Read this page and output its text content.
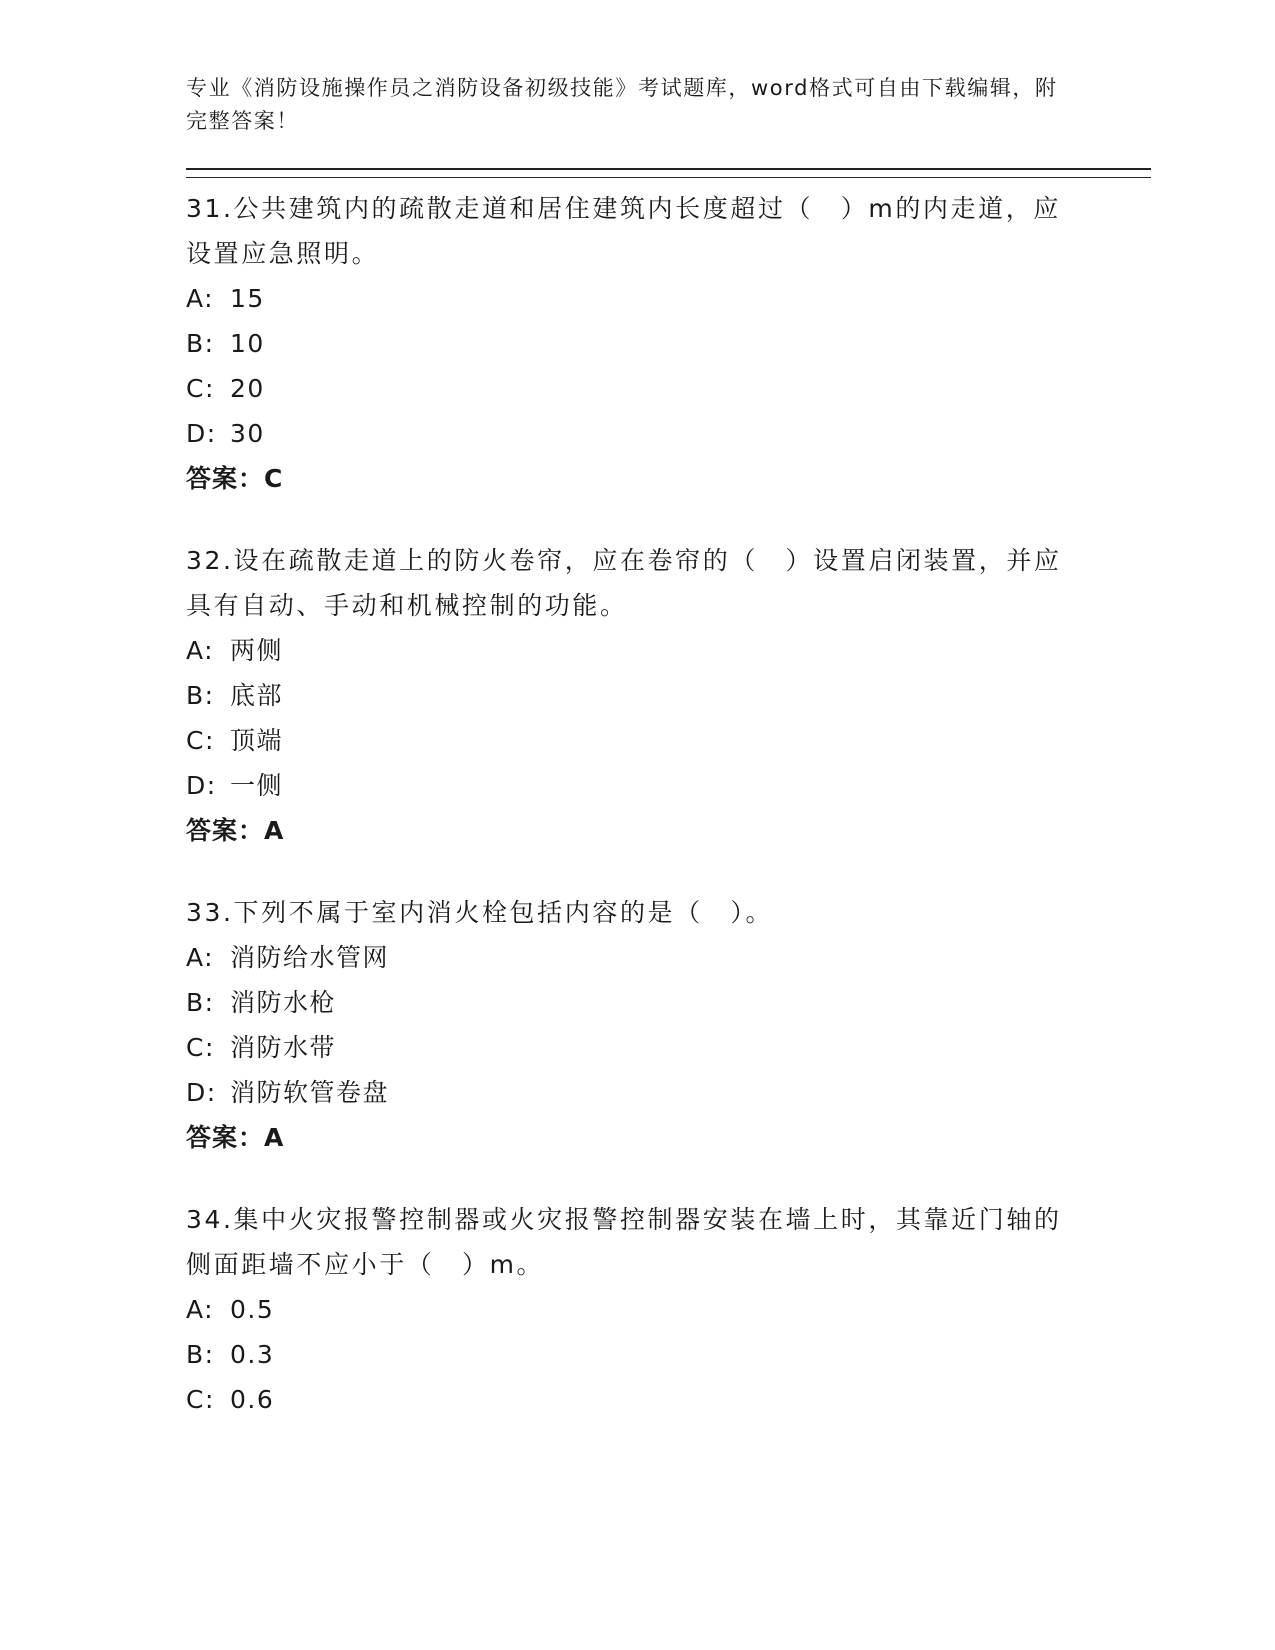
专业《消防设施操作员之消防设备初级技能》考试题库，word格式可自由下载编辑，附完整答案！

31.公共建筑内的疏散走道和居住建筑内长度超过（　）m的内走道，应设置应急照明。

A: 15

B: 10

C: 20

D: 30

答案：C

32.设在疏散走道上的防火卷帘，应在卷帘的（　）设置启闭装置，并应具有自动、手动和机械控制的功能。

A: 两侧

B: 底部

C: 顶端

D: 一侧

答案：A

33.下列不属于室内消火栓包括内容的是（　）。

A: 消防给水管网

B: 消防水枪

C: 消防水带

D: 消防软管卷盘

答案：A

34.集中火灾报警控制器或火灾报警控制器安装在墙上时，其靠近门轴的侧面距墙不应小于（　）m。

A: 0.5

B: 0.3

C: 0.6
